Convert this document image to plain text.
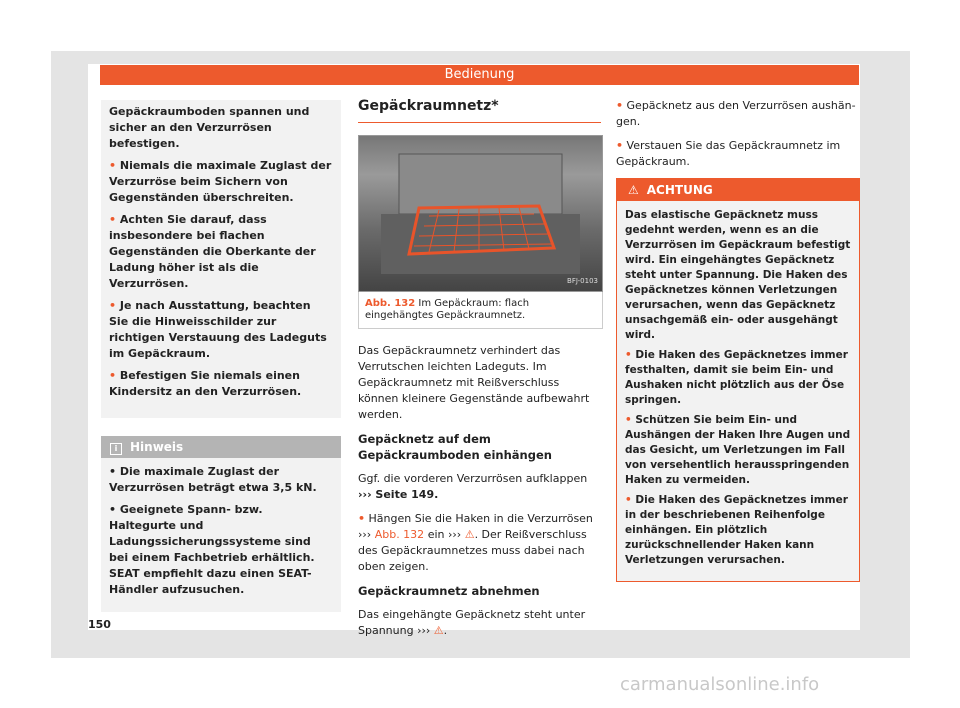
Bedienung

Gepäckraumboden spannen und sicher an den Verzurrösen befestigen.

• Niemals die maximale Zuglast der Verzurröse beim Sichern von Gegenständen überschreiten.

• Achten Sie darauf, dass insbesondere bei flachen Gegenständen die Oberkante der Ladung höher ist als die Verzurrösen.

• Je nach Ausstattung, beachten Sie die Hinweisschilder zur richtigen Verstauung des Ladeguts im Gepäckraum.

• Befestigen Sie niemals einen Kindersitz an den Verzurrösen.

i Hinweis

• Die maximale Zuglast der Verzurrösen beträgt etwa 3,5 kN.

• Geeignete Spann- bzw. Haltegurte und Ladungssicherungssysteme sind bei einem Fachbetrieb erhältlich. SEAT empfiehlt dazu einen SEAT-Händler aufzusuchen.

Gepäckraumnetz*
BFJ-0103
Abb. 132 Im Gepäckraum: flach eingehängtes Gepäckraumnetz.

Das Gepäckraumnetz verhindert das Verrutschen leichten Ladeguts. Im Gepäckraumnetz mit Reißverschluss können kleinere Gegenstände aufbewahrt werden.

Gepäcknetz auf dem Gepäckraumboden einhängen

Ggf. die vorderen Verzurrösen aufklappen
››› Seite 149.

• Hängen Sie die Haken in die Verzurrösen ››› Abb. 132 ein ››› ⚠. Der Reißverschluss des Gepäckraumnetzes muss dabei nach oben zeigen.

Gepäckraumnetz abnehmen

Das eingehängte Gepäcknetz steht unter Spannung ››› ⚠.

• Gepäcknetz aus den Verzurrösen aushängen.

• Verstauen Sie das Gepäckraumnetz im Gepäckraum.

⚠ ACHTUNG

Das elastische Gepäcknetz muss gedehnt werden, wenn es an die Verzurrösen im Gepäckraum befestigt wird. Ein eingehängtes Gepäcknetz steht unter Spannung. Die Haken des Gepäcknetzes können Verletzungen verursachen, wenn das Gepäcknetz unsachgemäß ein- oder ausgehängt wird.

• Die Haken des Gepäcknetzes immer festhalten, damit sie beim Ein- und Aushaken nicht plötzlich aus der Öse springen.

• Schützen Sie beim Ein- und Aushängen der Haken Ihre Augen und das Gesicht, um Verletzungen im Fall von versehentlich herausspringenden Haken zu vermeiden.

• Die Haken des Gepäcknetzes immer in der beschriebenen Reihenfolge einhängen. Ein plötzlich zurückschnellender Haken kann Verletzungen verursachen.

150
carmanualsonline.info
